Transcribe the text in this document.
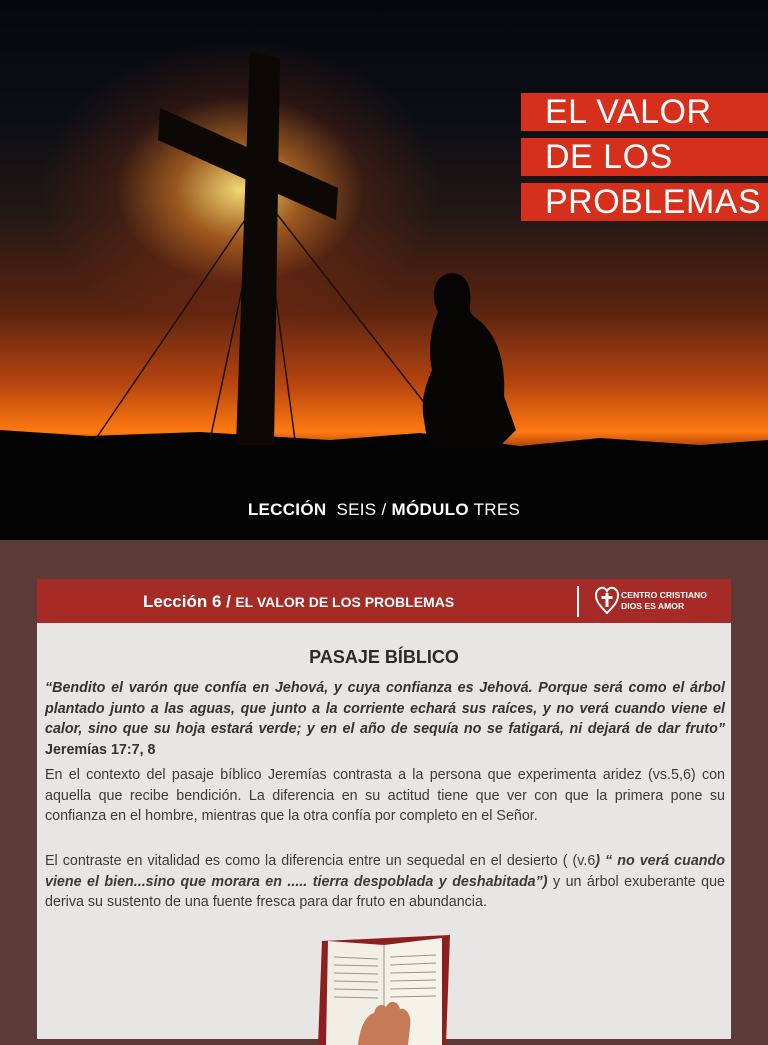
EL VALOR
DE LOS
PROBLEMAS
LECCIÓN SEIS / MÓDULO TRES
Lección 6 / EL VALOR DE LOS PROBLEMAS	CENTRO CRISTIANO
DIOS ES AMOR
PASAJE BÍBLICO
“Bendito el varón que confía en Jehová, y cuya confianza es Jehová. Porque será como el árbol plantado junto a las aguas, que junto a la corriente echará sus raíces, y no verá cuando viene el calor, sino que su hoja estará verde; y en el año de sequía no se fatigará, ni dejará de dar fruto” Jeremías 17:7, 8
En el contexto del pasaje bíblico Jeremías contrasta a la persona que experimenta aridez (vs.5,6) con aquella que recibe bendición. La diferencia en su actitud tiene que ver con que la primera pone su confianza en el hombre, mientras que la otra confía por completo en el Señor.
El contraste en vitalidad es como la diferencia entre un sequedal en el desierto ( (v.6) “ no verá cuando viene el bien...sino que morara en ..... tierra despoblada y deshabitada”) y un árbol exuberante que deriva su sustento de una fuente fresca para dar fruto en abundancia.
